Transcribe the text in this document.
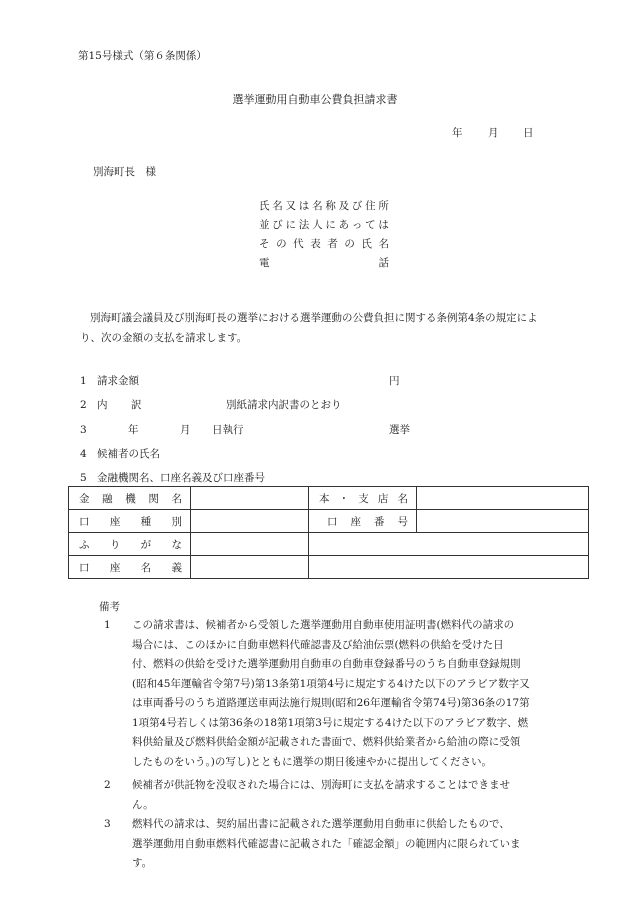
第15号様式（第６条関係）
選挙運動用自動車公費負担請求書
年 月 日
別海町長　様
氏 名 又 は 名 称 及 び 住 所
並 び に 法 人 に あ っ て は
そ の 代 表 者 の 氏 名
電	話
別海町議会議員及び別海町長の選挙における選挙運動の公費負担に関する条例第4条の規定により、次の金額の支払を請求します。
1 請求金額	円
2 内 訳	別紙請求内訳書のとおり
3	年	月 日執行	選挙
4 候補者の氏名
5 金融機関名、口座名義及び口座番号
金 融 機 関 名		本 ・ 支 店 名	

口 座 種 別		口 座 番 号	

ふ り が な			

口 座 名 義			

備考
1	この請求書は、候補者から受領した選挙運動用自動車使用証明書(燃料代の請求の
場合には、このほかに自動車燃料代確認書及び給油伝票(燃料の供給を受けた日
付、燃料の供給を受けた選挙運動用自動車の自動車登録番号のうち自動車登録規則
(昭和45年運輸省令第7号)第13条第1項第4号に規定する4けた以下のアラビア数字又
は車両番号のうち道路運送車両法施行規則(昭和26年運輸省令第74号)第36条の17第
1項第4号若しくは第36条の18第1項第3号に規定する4けた以下のアラビア数字、燃
料供給量及び燃料供給金額が記載された書面で、燃料供給業者から給油の際に受領
したものをいう。)の写し)とともに選挙の期日後速やかに提出してください。
2	候補者が供託物を没収された場合には、別海町に支払を請求することはできませ
ん。
3	燃料代の請求は、契約届出書に記載された選挙運動用自動車に供給したもので、
選挙運動用自動車燃料代確認書に記載された「確認金額」の範囲内に限られていま
す。
